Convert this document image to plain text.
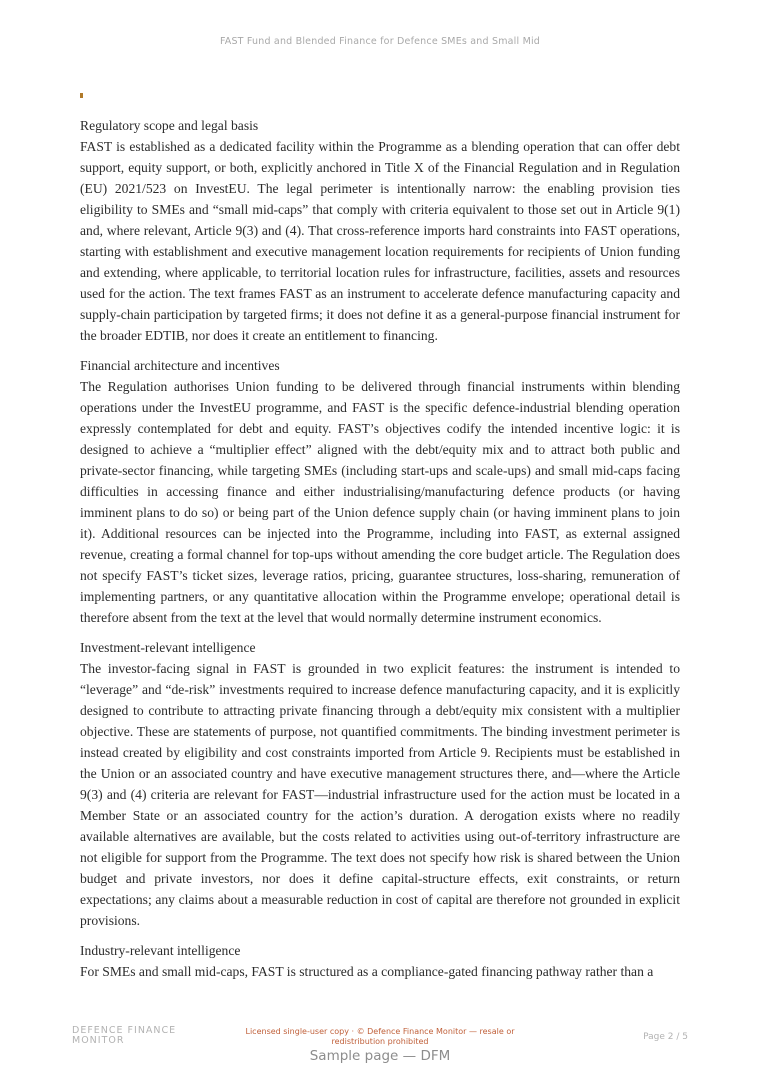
FAST Fund and Blended Finance for Defence SMEs and Small Mid

Regulatory scope and legal basis

FAST is established as a dedicated facility within the Programme as a blending operation that can offer debt support, equity support, or both, explicitly anchored in Title X of the Financial Regulation and in Regulation (EU) 2021/523 on InvestEU. The legal perimeter is intentionally narrow: the enabling provision ties eligibility to SMEs and “small mid-caps” that comply with criteria equivalent to those set out in Article 9(1) and, where relevant, Article 9(3) and (4). That cross-reference imports hard constraints into FAST operations, starting with establishment and executive management location requirements for recipients of Union funding and extending, where applicable, to territorial location rules for infrastructure, facilities, assets and resources used for the action. The text frames FAST as an instrument to accelerate defence manufacturing capacity and supply-chain participation by targeted firms; it does not define it as a general-purpose financial instrument for the broader EDTIB, nor does it create an entitlement to financing.

Financial architecture and incentives

The Regulation authorises Union funding to be delivered through financial instruments within blending operations under the InvestEU programme, and FAST is the specific defence-industrial blending operation expressly contemplated for debt and equity. FAST’s objectives codify the intended incentive logic: it is designed to achieve a “multiplier effect” aligned with the debt/equity mix and to attract both public and private-sector financing, while targeting SMEs (including start-ups and scale-ups) and small mid-caps facing difficulties in accessing finance and either industrialising/manufacturing defence products (or having imminent plans to do so) or being part of the Union defence supply chain (or having imminent plans to join it). Additional resources can be injected into the Programme, including into FAST, as external assigned revenue, creating a formal channel for top-ups without amending the core budget article. The Regulation does not specify FAST’s ticket sizes, leverage ratios, pricing, guarantee structures, loss-sharing, remuneration of implementing partners, or any quantitative allocation within the Programme envelope; operational detail is therefore absent from the text at the level that would normally determine instrument economics.

Investment-relevant intelligence

The investor-facing signal in FAST is grounded in two explicit features: the instrument is intended to “leverage” and “de-risk” investments required to increase defence manufacturing capacity, and it is explicitly designed to contribute to attracting private financing through a debt/equity mix consistent with a multiplier objective. These are statements of purpose, not quantified commitments. The binding investment perimeter is instead created by eligibility and cost constraints imported from Article 9. Recipients must be established in the Union or an associated country and have executive management structures there, and—where the Article 9(3) and (4) criteria are relevant for FAST—industrial infrastructure used for the action must be located in a Member State or an associated country for the action’s duration. A derogation exists where no readily available alternatives are available, but the costs related to activities using out-of-territory infrastructure are not eligible for support from the Programme. The text does not specify how risk is shared between the Union budget and private investors, nor does it define capital-structure effects, exit constraints, or return expectations; any claims about a measurable reduction in cost of capital are therefore not grounded in explicit provisions.

Industry-relevant intelligence

For SMEs and small mid-caps, FAST is structured as a compliance-gated financing pathway rather than a

DEFENCE FINANCE MONITOR
Licensed single-user copy · © Defence Finance Monitor — resale or redistribution prohibited	Page 2 / 5
Sample page — DFM
